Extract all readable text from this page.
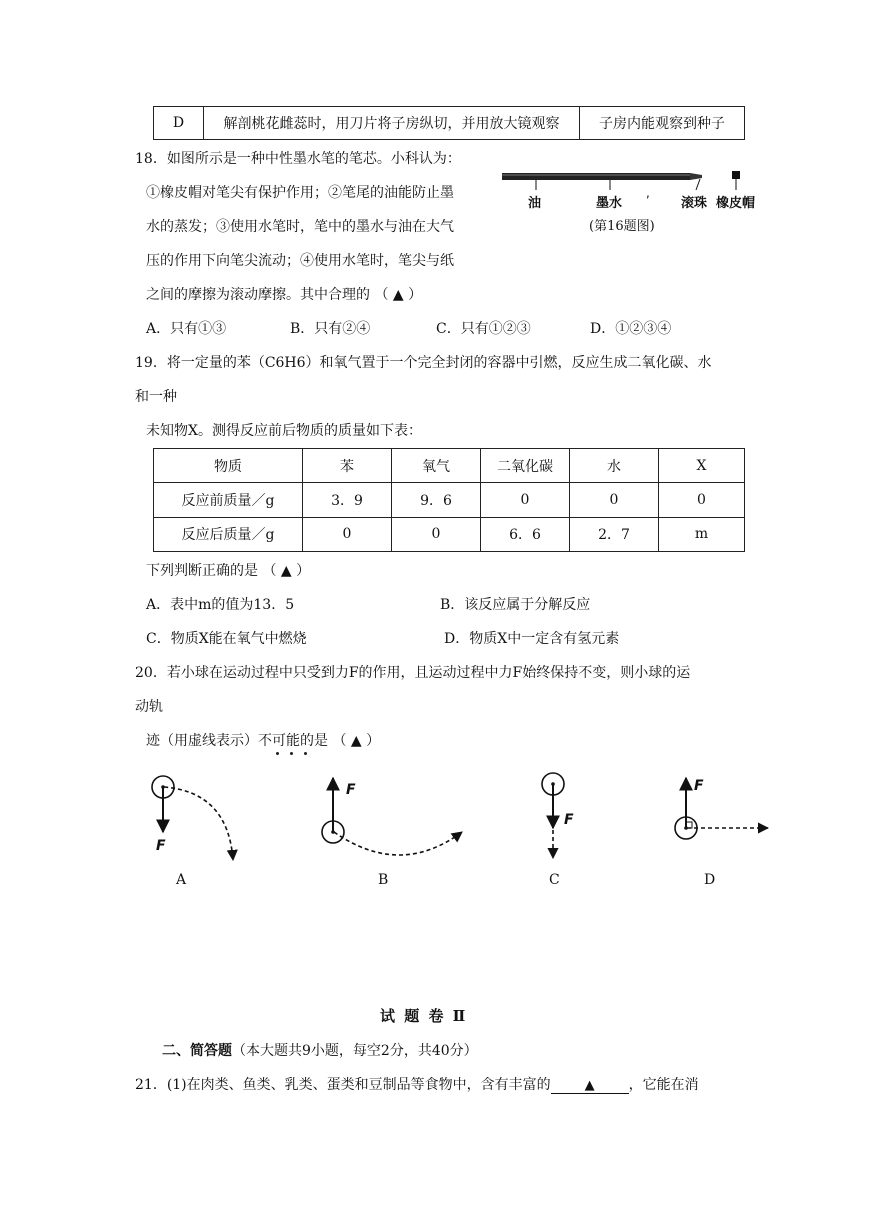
D	解剖桃花雌蕊时，用刀片将子房纵切，并用放大镜观察	子房内能观察到种子
18．如图所示是一种中性墨水笔的笔芯。小科认为：
①橡皮帽对笔尖有保护作用；②笔尾的油能防止墨
水的蒸发；③使用水笔时，笔中的墨水与油在大气
压的作用下向笔尖流动；④使用水笔时，笔尖与纸
之间的摩擦为滚动摩擦。其中合理的 （ ▲ ）
,
油	墨水	滚珠 橡皮帽
(第16题图)
A．只有①③	B．只有②④	C．只有①②③	D．①②③④
19．将一定量的苯（C6H6）和氧气置于一个完全封闭的容器中引燃，反应生成二氧化碳、水
和一种
未知物X。测得反应前后物质的质量如下表：
物质	苯	氧气	二氧化碳	水	X
反应前质量／g	3．9	9．6	0	0	0
反应后质量／g	0	0	6．6	2．7	m
下列判断正确的是 （ ▲ ）
A．表中m的值为13．5	B．该反应属于分解反应
C．物质X能在氧气中燃烧	D．物质X中一定含有氢元素
20．若小球在运动过程中只受到力F的作用，且运动过程中力F始终保持不变，则小球的运
动轨
迹（用虚线表示）不可能的是 （ ▲ ）
F
F
F
F
A	B	C	D
试 题 卷 Ⅱ
二、简答题（本大题共9小题，每空2分，共40分）
21．(1)在肉类、鱼类、乳类、蛋类和豆制品等食物中，含有丰富的	▲ ，它能在消
